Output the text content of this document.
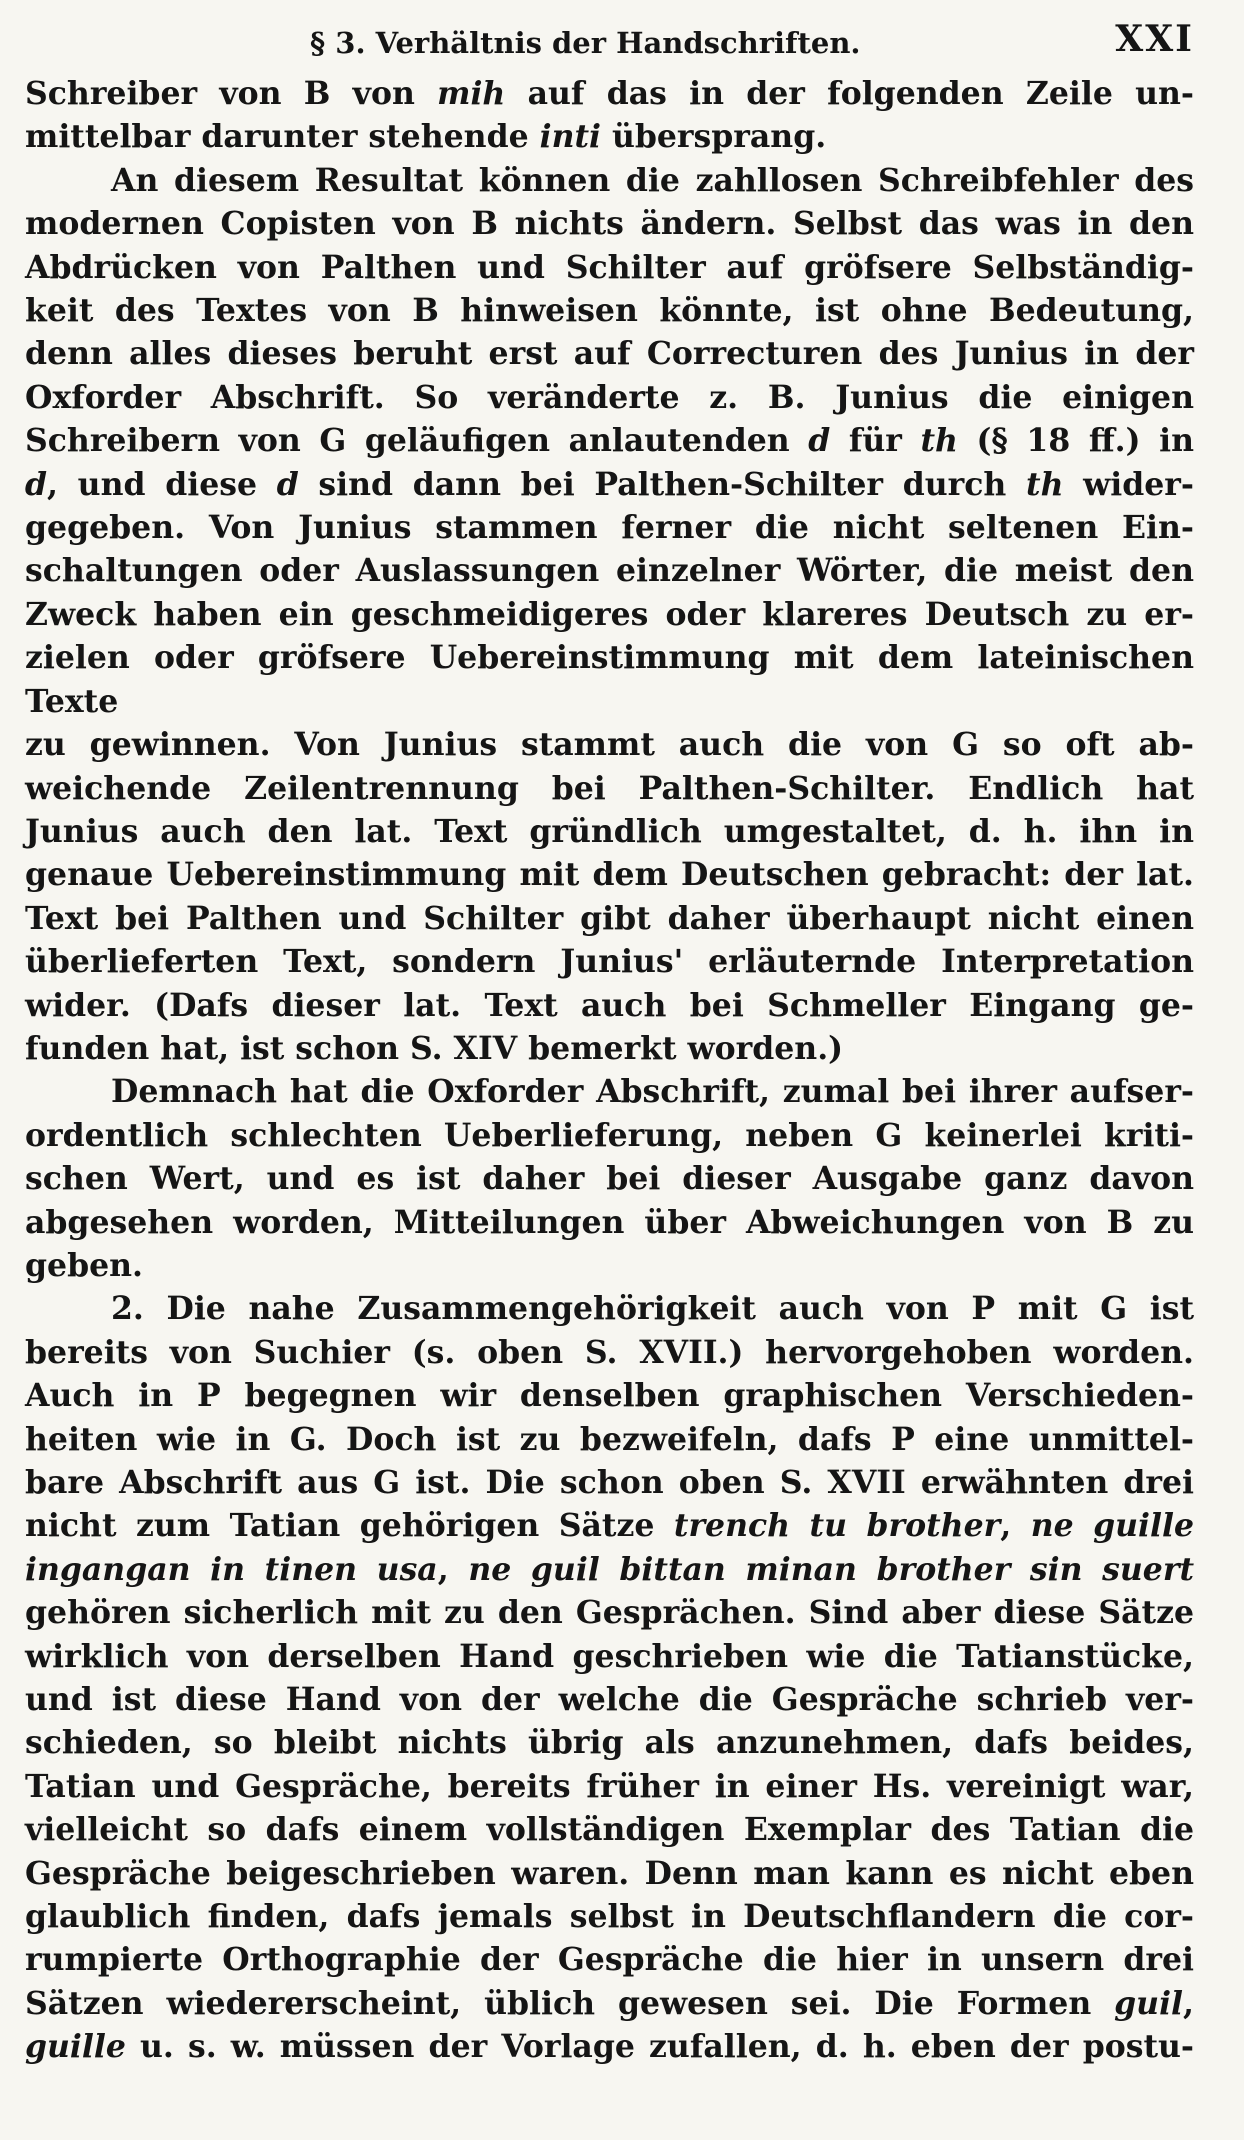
§ 3. Verhältnis der Handschriften.	XXI

Schreiber von B von mih auf das in der folgenden Zeile un-

mittelbar darunter stehende inti übersprang.

An diesem Resultat können die zahllosen Schreibfehler des

modernen Copisten von B nichts ändern. Selbst das was in den

Abdrücken von Palthen und Schilter auf gröfsere Selbständig-

keit des Textes von B hinweisen könnte, ist ohne Bedeutung,

denn alles dieses beruht erst auf Correcturen des Junius in der

Oxforder Abschrift. So veränderte z. B. Junius die einigen

Schreibern von G geläufigen anlautenden d für th (§ 18 ff.) in

d, und diese d sind dann bei Palthen-Schilter durch th wider-

gegeben. Von Junius stammen ferner die nicht seltenen Ein-

schaltungen oder Auslassungen einzelner Wörter, die meist den

Zweck haben ein geschmeidigeres oder klareres Deutsch zu er-

zielen oder gröfsere Uebereinstimmung mit dem lateinischen Texte

zu gewinnen. Von Junius stammt auch die von G so oft ab-

weichende Zeilentrennung bei Palthen-Schilter. Endlich hat

Junius auch den lat. Text gründlich umgestaltet, d. h. ihn in

genaue Uebereinstimmung mit dem Deutschen gebracht: der lat.

Text bei Palthen und Schilter gibt daher überhaupt nicht einen

überlieferten Text, sondern Junius' erläuternde Interpretation

wider. (Dafs dieser lat. Text auch bei Schmeller Eingang ge-

funden hat, ist schon S. XIV bemerkt worden.)

Demnach hat die Oxforder Abschrift, zumal bei ihrer aufser-

ordentlich schlechten Ueberlieferung, neben G keinerlei kriti-

schen Wert, und es ist daher bei dieser Ausgabe ganz davon

abgesehen worden, Mitteilungen über Abweichungen von B zu

geben.

2. Die nahe Zusammengehörigkeit auch von P mit G ist

bereits von Suchier (s. oben S. XVII.) hervorgehoben worden.

Auch in P begegnen wir denselben graphischen Verschieden-

heiten wie in G. Doch ist zu bezweifeln, dafs P eine unmittel-

bare Abschrift aus G ist. Die schon oben S. XVII erwähnten drei

nicht zum Tatian gehörigen Sätze trench tu brother, ne guille

ingangan in tinen usa, ne guil bittan minan brother sin suert

gehören sicherlich mit zu den Gesprächen. Sind aber diese Sätze

wirklich von derselben Hand geschrieben wie die Tatianstücke,

und ist diese Hand von der welche die Gespräche schrieb ver-

schieden, so bleibt nichts übrig als anzunehmen, dafs beides,

Tatian und Gespräche, bereits früher in einer Hs. vereinigt war,

vielleicht so dafs einem vollständigen Exemplar des Tatian die

Gespräche beigeschrieben waren. Denn man kann es nicht eben

glaublich finden, dafs jemals selbst in Deutschflandern die cor-

rumpierte Orthographie der Gespräche die hier in unsern drei

Sätzen wiedererscheint, üblich gewesen sei. Die Formen guil,

guille u. s. w. müssen der Vorlage zufallen, d. h. eben der postu-
